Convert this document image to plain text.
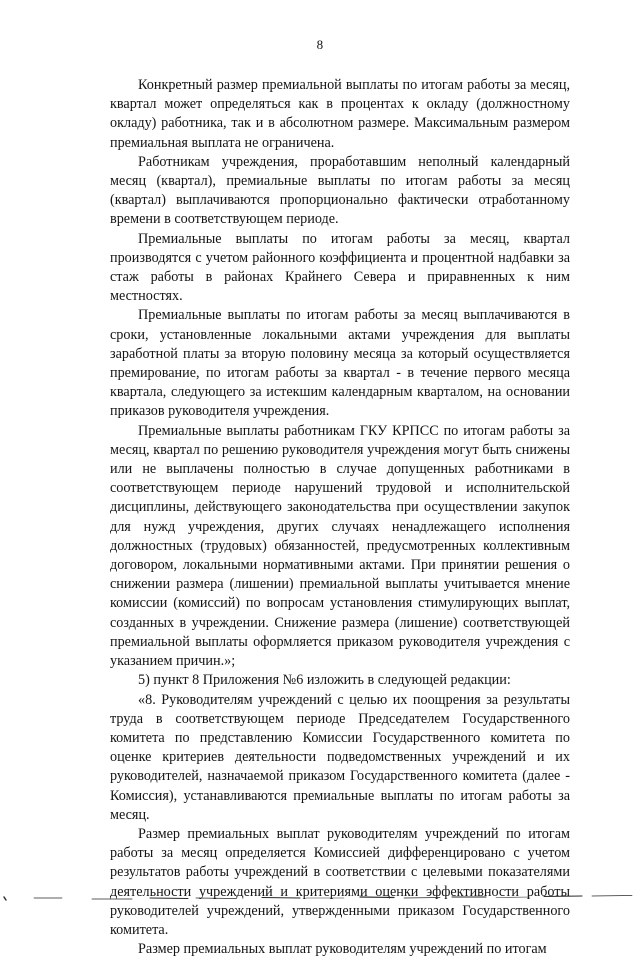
8

Конкретный размер премиальной выплаты по итогам работы за месяц, квартал может определяться как в процентах к окладу (должностному окладу) работника, так и в абсолютном размере. Максимальным размером премиальная выплата не ограничена.

Работникам учреждения, проработавшим неполный календарный месяц (квартал), премиальные выплаты по итогам работы за месяц (квартал) выплачиваются пропорционально фактически отработанному времени в соответствующем периоде.

Премиальные выплаты по итогам работы за месяц, квартал производятся с учетом районного коэффициента и процентной надбавки за стаж работы в районах Крайнего Севера и приравненных к ним местностях.

Премиальные выплаты по итогам работы за месяц выплачиваются в сроки, установленные локальными актами учреждения для выплаты заработной платы за вторую половину месяца за который осуществляется премирование, по итогам работы за квартал - в течение первого месяца квартала, следующего за истекшим календарным кварталом, на основании приказов руководителя учреждения.

Премиальные выплаты работникам ГКУ КРПСС по итогам работы за месяц, квартал по решению руководителя учреждения могут быть снижены или не выплачены полностью в случае допущенных работниками в соответствующем периоде нарушений трудовой и исполнительской дисциплины, действующего законодательства при осуществлении закупок для нужд учреждения, других случаях ненадлежащего исполнения должностных (трудовых) обязанностей, предусмотренных коллективным договором, локальными нормативными актами. При принятии решения о снижении размера (лишении) премиальной выплаты учитывается мнение комиссии (комиссий) по вопросам установления стимулирующих выплат, созданных в учреждении. Снижение размера (лишение) соответствующей премиальной выплаты оформляется приказом руководителя учреждения с указанием причин.»;

5) пункт 8 Приложения №6 изложить в следующей редакции:

«8. Руководителям учреждений с целью их поощрения за результаты труда в соответствующем периоде Председателем Государственного комитета по представлению Комиссии Государственного комитета по оценке критериев деятельности подведомственных учреждений и их руководителей, назначаемой приказом Государственного комитета (далее - Комиссия), устанавливаются премиальные выплаты по итогам работы за месяц.

Размер премиальных выплат руководителям учреждений по итогам работы за месяц определяется Комиссией дифференцировано с учетом результатов работы учреждений в соответствии с целевыми показателями деятельности учреждений и критериями оценки эффективности работы руководителей учреждений, утвержденными приказом Государственного комитета.

Размер премиальных выплат руководителям учреждений по итогам
